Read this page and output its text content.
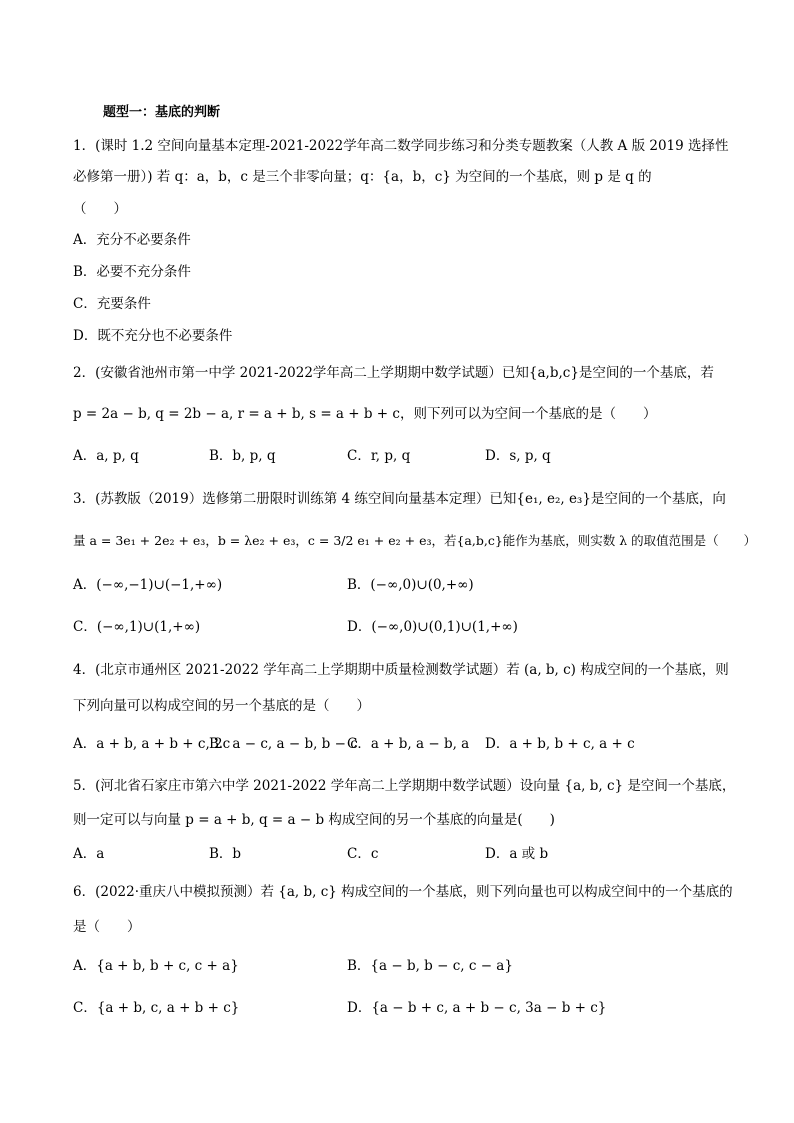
题型一：基底的判断
1．(课时 1.2 空间向量基本定理-2021-2022学年高二数学同步练习和分类专题教案（人教 A 版 2019 选择性
必修第一册）) 若 q：a，b，c 是三个非零向量；q：{a，b，c} 为空间的一个基底，则 p 是 q 的
（　　）
A．充分不必要条件
B．必要不充分条件
C．充要条件
D．既不充分也不必要条件
2．(安徽省池州市第一中学 2021-2022学年高二上学期期中数学试题）已知{a,b,c}是空间的一个基底，若
p = 2a − b, q = 2b − a, r = a + b, s = a + b + c，则下列可以为空间一个基底的是（　　）
A．a, p, q	B．b, p, q	C．r, p, q	D．s, p, q
3．(苏教版（2019）选修第二册限时训练第 4 练空间向量基本定理）已知{e₁, e₂, e₃}是空间的一个基底，向
量 a = 3e₁ + 2e₂ + e₃，b = λe₂ + e₃，c = 3/2 e₁ + e₂ + e₃，若{a,b,c}能作为基底，则实数 λ 的取值范围是（　　）
A．(−∞,−1)∪(−1,+∞)	B．(−∞,0)∪(0,+∞)
C．(−∞,1)∪(1,+∞)	D．(−∞,0)∪(0,1)∪(1,+∞)
4．(北京市通州区 2021-2022 学年高二上学期期中质量检测数学试题）若 (a, b, c) 构成空间的一个基底，则
下列向量可以构成空间的另一个基底的是（　　）
A．a + b, a + b + c, 2c
B．a − c, a − b, b − c
C．a + b, a − b, a D．a + b, b + c, a + c
5．(河北省石家庄市第六中学 2021-2022 学年高二上学期期中数学试题）设向量 {a, b, c} 是空间一个基底，
则一定可以与向量 p = a + b, q = a − b 构成空间的另一个基底的向量是(　　)
A．a	B．b	C．c	D．a 或 b
6．(2022·重庆八中模拟预测）若 {a, b, c} 构成空间的一个基底，则下列向量也可以构成空间中的一个基底的
是（　　）
A．{a + b, b + c, c + a}	B．{a − b, b − c, c − a}
C．{a + b, c, a + b + c}	D．{a − b + c, a + b − c, 3a − b + c}
